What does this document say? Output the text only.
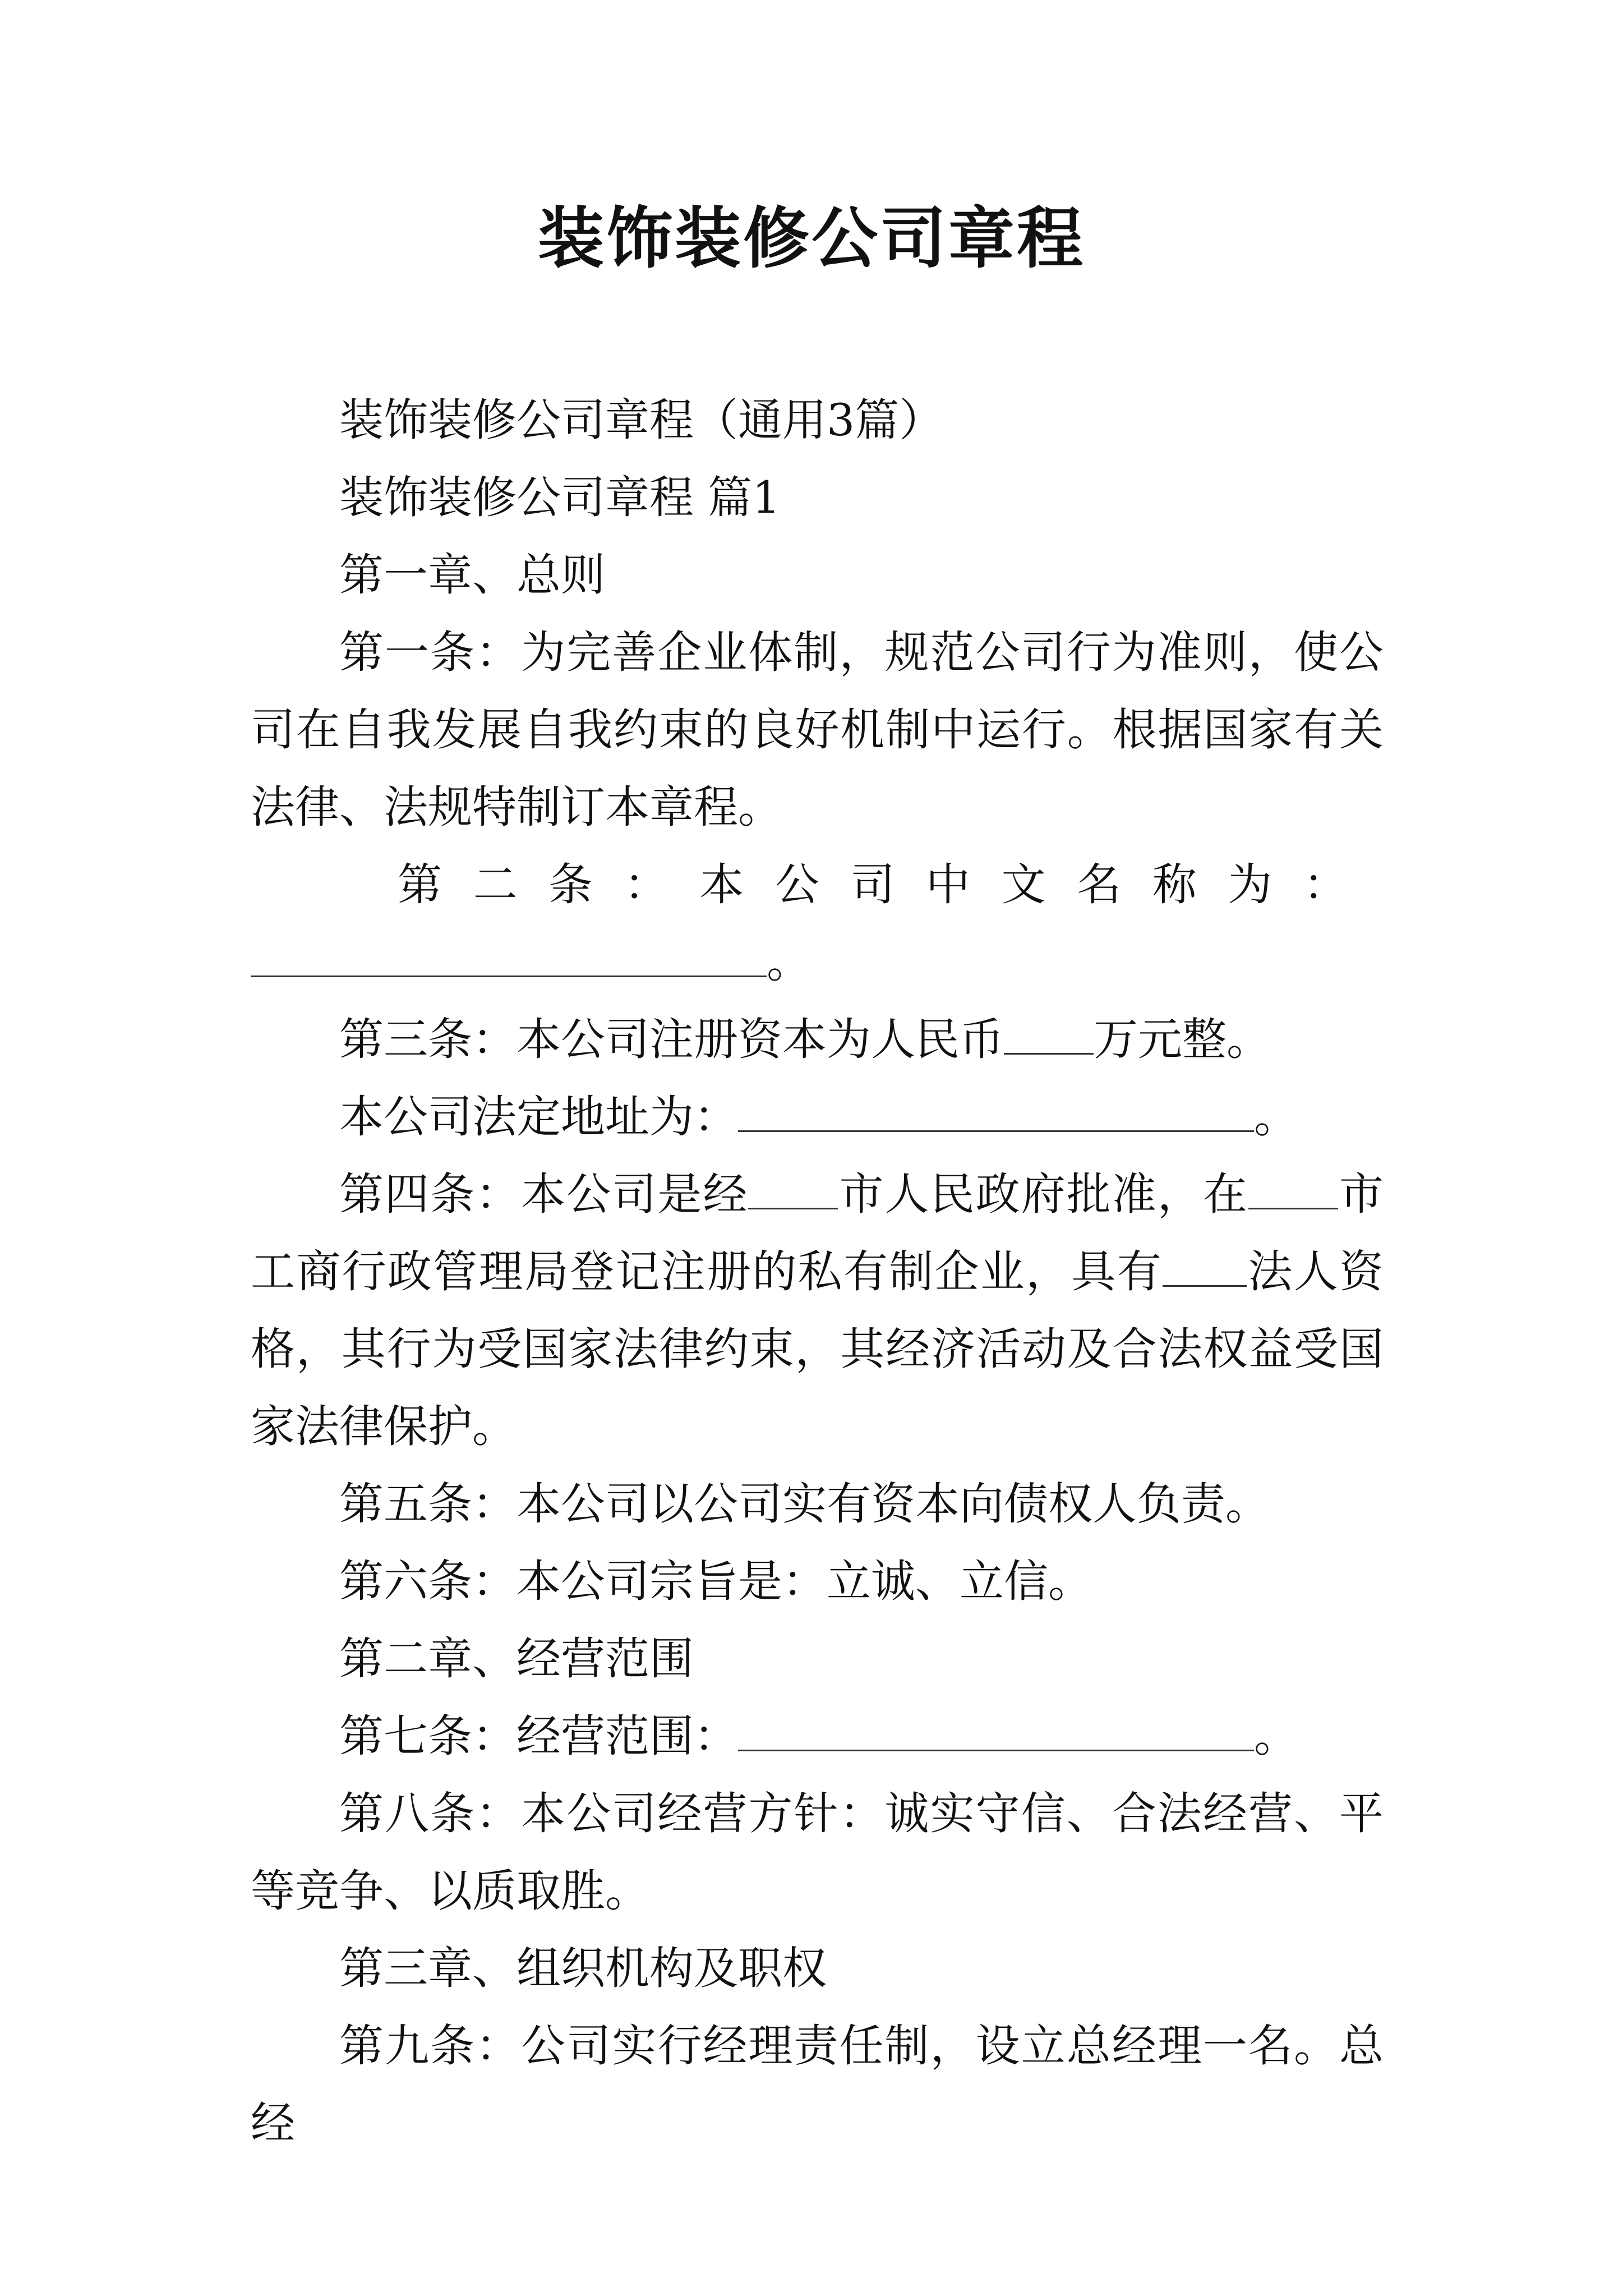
装饰装修公司章程

装饰装修公司章程（通用3篇）

装饰装修公司章程 篇1

第一章、总则

第一条：为完善企业体制，规范公司行为准则，使公司在自我发展自我约束的良好机制中运行。根据国家有关法律、法规特制订本章程。

第 二 条 ： 本 公 司 中 文 名 称 为 ：

。

第三条：本公司注册资本为人民币 万元整。

本公司法定地址为：	。

第四条：本公司是经 市人民政府批准，在 市工商行政管理局登记注册的私有制企业，具有 法人资格，其行为受国家法律约束，其经济活动及合法权益受国家法律保护。

第五条：本公司以公司实有资本向债权人负责。

第六条：本公司宗旨是：立诚、立信。

第二章、经营范围

第七条：经营范围：	。

第八条：本公司经营方针：诚实守信、合法经营、平等竞争、以质取胜。

第三章、组织机构及职权

第九条：公司实行经理责任制，设立总经理一名。总经
